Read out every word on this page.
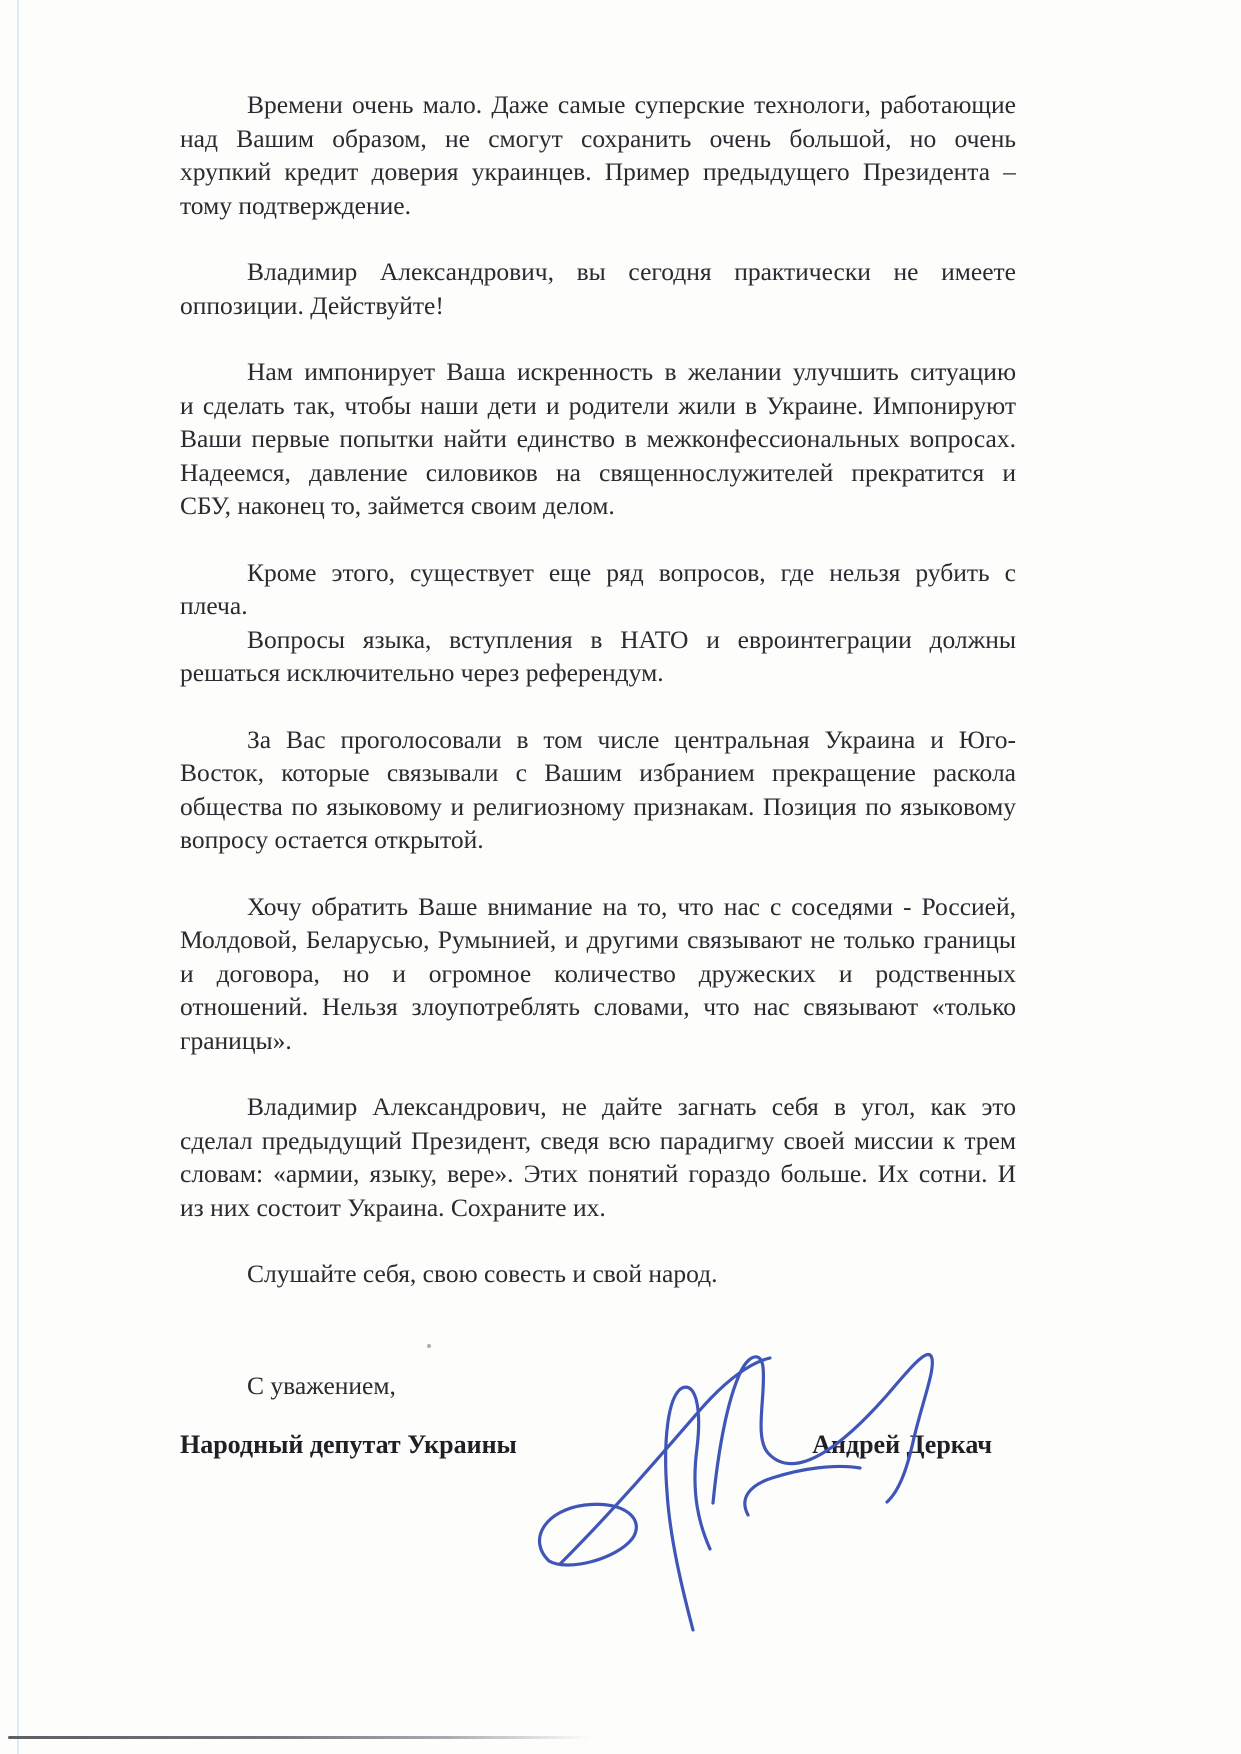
Времени очень мало. Даже самые суперские технологи, работающие
над Вашим образом, не смогут сохранить очень большой, но очень
хрупкий кредит доверия украинцев. Пример предыдущего Президента –
тому подтверждение.
Владимир Александрович, вы сегодня практически не имеете
оппозиции. Действуйте!
Нам импонирует Ваша искренность в желании улучшить ситуацию
и сделать так, чтобы наши дети и родители жили в Украине. Импонируют
Ваши первые попытки найти единство в межконфессиональных вопросах.
Надеемся, давление силовиков на священнослужителей прекратится и
СБУ, наконец то, займется своим делом.
Кроме этого, существует еще ряд вопросов, где нельзя рубить с
плеча.
Вопросы языка, вступления в НАТО и евроинтеграции должны
решаться исключительно через референдум.
За Вас проголосовали в том числе центральная Украина и Юго-
Восток, которые связывали с Вашим избранием прекращение раскола
общества по языковому и религиозному признакам. Позиция по языковому
вопросу остается открытой.
Хочу обратить Ваше внимание на то, что нас с соседями - Россией,
Молдовой, Беларусью, Румынией, и другими связывают не только границы
и договора, но и огромное количество дружеских и родственных
отношений. Нельзя злоупотреблять словами, что нас связывают «только
границы».
Владимир Александрович, не дайте загнать себя в угол, как это
сделал предыдущий Президент, сведя всю парадигму своей миссии к трем
словам: «армии, языку, вере». Этих понятий гораздо больше. Их сотни. И
из них состоит Украина. Сохраните их.
Слушайте себя, свою совесть и свой народ.
С уважением,
Народный депутат Украины	Андрей Деркач
